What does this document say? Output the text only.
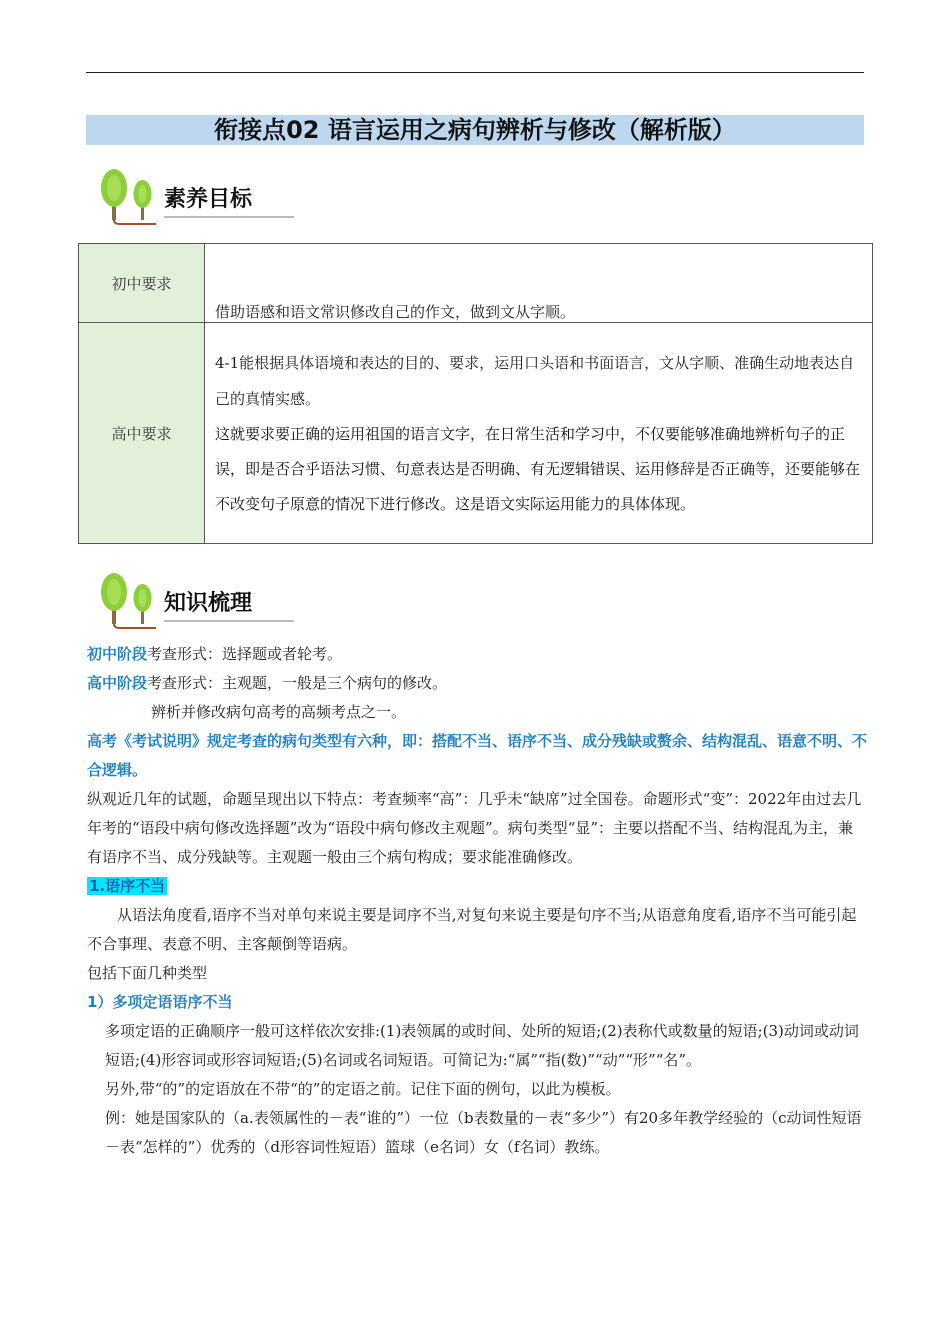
衔接点02 语言运用之病句辨析与修改（解析版）
素养目标
初中要求	借助语感和语文常识修改自己的作文，做到文从字顺。
高中要求	4-1能根据具体语境和表达的目的、要求，运用口头语和书面语言，文从字顺、准确生动地表达自己的真情实感。

这就要求要正确的运用祖国的语言文字，在日常生活和学习中，不仅要能够准确地辨析句子的正误，即是否合乎语法习惯、句意表达是否明确、有无逻辑错误、运用修辞是否正确等，还要能够在不改变句子原意的情况下进行修改。这是语文实际运用能力的具体体现。

知识梳理

初中阶段考查形式：选择题或者轮考。

高中阶段考查形式：主观题，一般是三个病句的修改。

辨析并修改病句高考的高频考点之一。

高考《考试说明》规定考查的病句类型有六种，即：搭配不当、语序不当、成分残缺或赘余、结构混乱、语意不明、不合逻辑。

纵观近几年的试题，命题呈现出以下特点：考查频率“高”：几乎未“缺席”过全国卷。命题形式“变”：2022年由过去几年考的“语段中病句修改选择题”改为“语段中病句修改主观题”。病句类型“显”：主要以搭配不当、结构混乱为主，兼有语序不当、成分残缺等。主观题一般由三个病句构成；要求能准确修改。

1.语序不当

从语法角度看,语序不当对单句来说主要是词序不当,对复句来说主要是句序不当;从语意角度看,语序不当可能引起不合事理、表意不明、主客颠倒等语病。

包括下面几种类型

1）多项定语语序不当

多项定语的正确顺序一般可这样依次安排:(1)表领属的或时间、处所的短语;(2)表称代或数量的短语;(3)动词或动词短语;(4)形容词或形容词短语;(5)名词或名词短语。可简记为:“属”“指(数)”“动”“形”“名”。

另外,带“的”的定语放在不带“的”的定语之前。记住下面的例句，以此为模板。

例：她是国家队的（a.表领属性的－表“谁的”）一位（b表数量的－表“多少”）有20多年教学经验的（c动词性短语－表“怎样的”）优秀的（d形容词性短语）篮球（e名词）女（f名词）教练。
